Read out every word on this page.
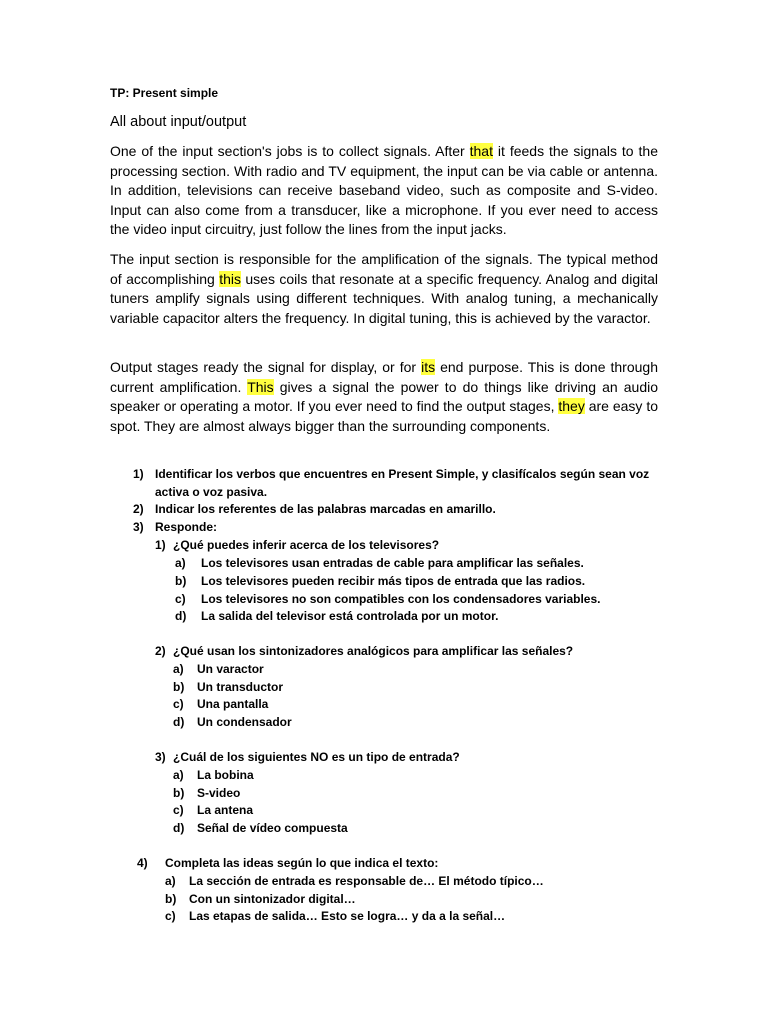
TP: Present simple
All about input/output
One of the input section's jobs is to collect signals. After that it feeds the signals to the processing section. With radio and TV equipment, the input can be via cable or antenna. In addition, televisions can receive baseband video, such as composite and S-video. Input can also come from a transducer, like a microphone. If you ever need to access the video input circuitry, just follow the lines from the input jacks.
The input section is responsible for the amplification of the signals. The typical method of accomplishing this uses coils that resonate at a specific frequency. Analog and digital tuners amplify signals using different techniques. With analog tuning, a mechanically variable capacitor alters the frequency. In digital tuning, this is achieved by the varactor.
Output stages ready the signal for display, or for its end purpose. This is done through current amplification. This gives a signal the power to do things like driving an audio speaker or operating a motor. If you ever need to find the output stages, they are easy to spot. They are almost always bigger than the surrounding components.
1) Identificar los verbos que encuentres en Present Simple, y clasifícalos según sean voz
activa o voz pasiva.
2) Indicar los referentes de las palabras marcadas en amarillo.
3) Responde:
1) ¿Qué puedes inferir acerca de los televisores?
a) Los televisores usan entradas de cable para amplificar las señales.
b) Los televisores pueden recibir más tipos de entrada que las radios.
c) Los televisores no son compatibles con los condensadores variables.
d) La salida del televisor está controlada por un motor.
2) ¿Qué usan los sintonizadores analógicos para amplificar las señales?
a) Un varactor
b) Un transductor
c) Una pantalla
d) Un condensador
3) ¿Cuál de los siguientes NO es un tipo de entrada?
a) La bobina
b) S-video
c) La antena
d) Señal de vídeo compuesta
4) Completa las ideas según lo que indica el texto:
a) La sección de entrada es responsable de… El método típico…
b) Con un sintonizador digital…
c) Las etapas de salida… Esto se logra… y da a la señal…
